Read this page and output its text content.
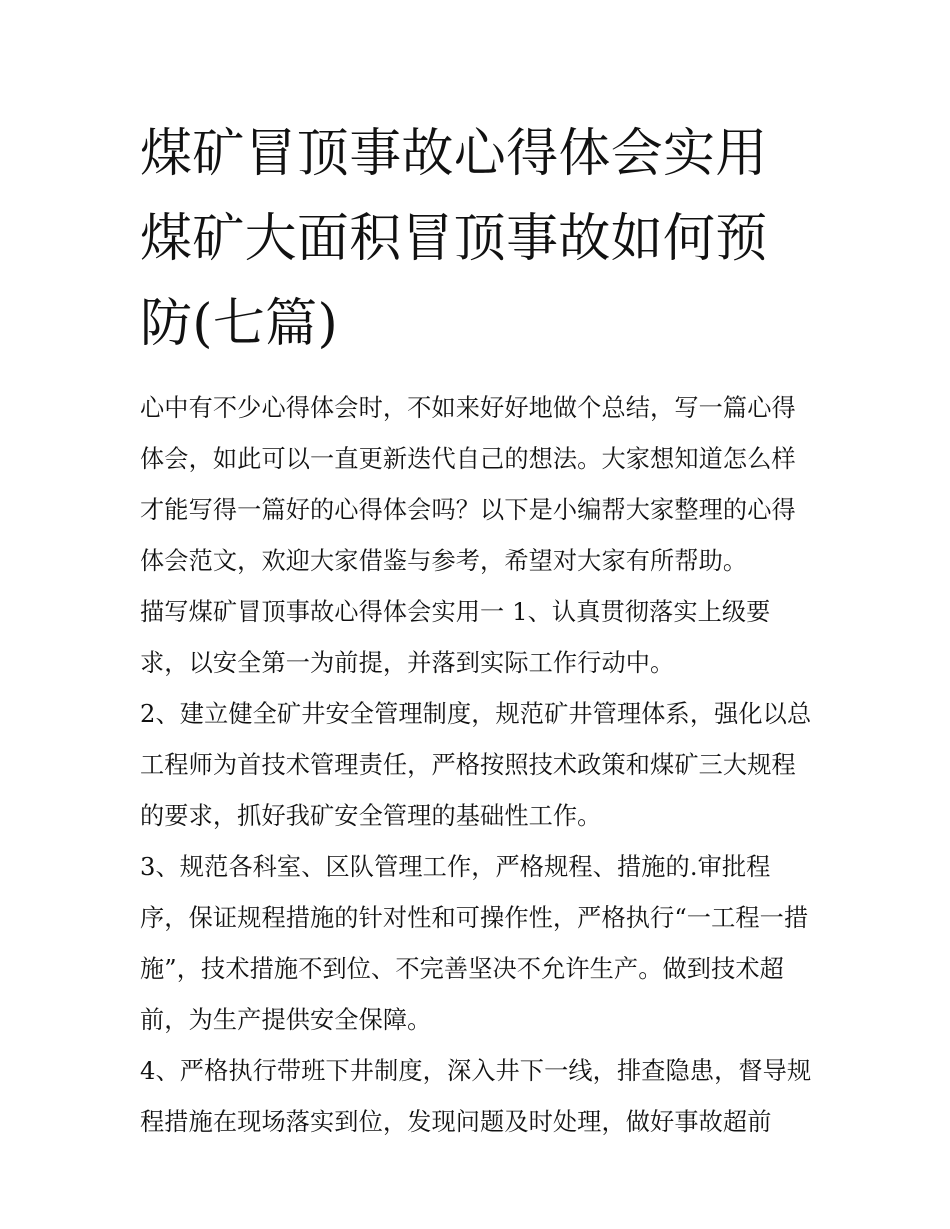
煤矿冒顶事故心得体会实用 煤矿大面积冒顶事故如何预防(七篇)

心中有不少心得体会时，不如来好好地做个总结，写一篇心得体会，如此可以一直更新迭代自己的想法。大家想知道怎么样才能写得一篇好的心得体会吗？以下是小编帮大家整理的心得体会范文，欢迎大家借鉴与参考，希望对大家有所帮助。

描写煤矿冒顶事故心得体会实用一 1、认真贯彻落实上级要求，以安全第一为前提，并落到实际工作行动中。

2、建立健全矿井安全管理制度，规范矿井管理体系，强化以总工程师为首技术管理责任，严格按照技术政策和煤矿三大规程的要求，抓好我矿安全管理的基础性工作。

3、规范各科室、区队管理工作，严格规程、措施的.审批程序，保证规程措施的针对性和可操作性，严格执行“一工程一措施”，技术措施不到位、不完善坚决不允许生产。做到技术超前，为生产提供安全保障。

4、严格执行带班下井制度，深入井下一线，排查隐患，督导规程措施在现场落实到位，发现问题及时处理，做好事故超前
